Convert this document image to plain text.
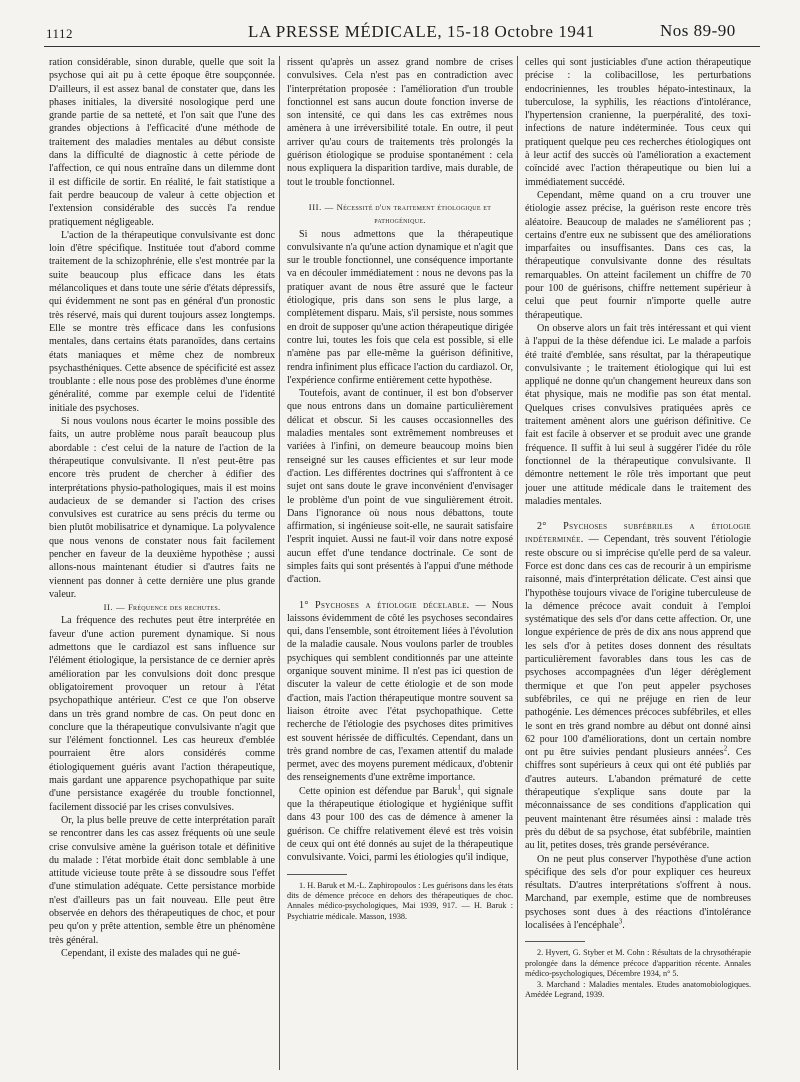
1112	LA PRESSE MÉDICALE, 15-18 Octobre 1941	Nos 89-90

ration considérable, sinon durable, quelle que soit la psychose qui ait pu à cette époque être soupçonnée. D'ailleurs, il est assez banal de constater que, dans les phases initiales, la diversité nosologique perd une grande partie de sa netteté, et l'on sait que l'une des grandes objections à l'efficacité d'une méthode de traitement des maladies mentales au début consiste dans la difficulté de diagnostic à cette période de l'affection, ce qui nous entraîne dans un dilemme dont il est difficile de sortir. En réalité, le fait statistique a fait perdre beaucoup de valeur à cette objection et l'extension considérable des succès l'a rendue pratiquement négligeable.

L'action de la thérapeutique convulsivante est donc loin d'être spécifique. Instituée tout d'abord comme traitement de la schizophrénie, elle s'est montrée par la suite beaucoup plus efficace dans les états mélancoliques et dans toute une série d'états dépressifs, qui évidemment ne sont pas en général d'un pronostic très réservé, mais qui durent toujours assez longtemps. Elle se montre très efficace dans les confusions mentales, dans certains états paranoïdes, dans certains états maniaques et même chez de nombreux psychasthéniques. Cette absence de spécificité est assez troublante : elle nous pose des problèmes d'une énorme généralité, comme par exemple celui de l'identité initiale des psychoses.

Si nous voulons nous écarter le moins possible des faits, un autre problème nous paraît beaucoup plus abordable : c'est celui de la nature de l'action de la thérapeutique convulsivante. Il n'est peut-être pas encore très prudent de chercher à édifier des interprétations physio-pathologiques, mais il est moins audacieux de se demander si l'action des crises convulsives est curatrice au sens précis du terme ou bien plutôt mobilisatrice et dynamique. La polyvalence que nous venons de constater nous fait facilement pencher en faveur de la deuxième hypothèse ; aussi allons-nous maintenant étudier si d'autres faits ne viennent pas donner à cette dernière une plus grande valeur.

II. — Fréquence des rechutes.

La fréquence des rechutes peut être interprétée en faveur d'une action purement dynamique. Si nous admettons que le cardiazol est sans influence sur l'élément étiologique, la persistance de ce dernier après amélioration par les convulsions doit donc presque obligatoirement provoquer un retour à l'état psychopathique antérieur. C'est ce que l'on observe dans un très grand nombre de cas. On peut donc en conclure que la thérapeutique convulsivante n'agit que sur l'élément fonctionnel. Les cas heureux d'emblée pourraient être alors considérés comme étiologiquement guéris avant l'action thérapeutique, mais gardant une apparence psychopathique par suite d'une persistance exagérée du trouble fonctionnel, facilement dissocié par les crises convulsives.

Or, la plus belle preuve de cette interprétation paraît se rencontrer dans les cas assez fréquents où une seule crise convulsive amène la guérison totale et définitive du malade : l'état morbide était donc semblable à une attitude vicieuse toute prête à se dissoudre sous l'effet d'une stimulation adéquate. Cette persistance morbide n'est d'ailleurs pas un fait nouveau. Elle peut être observée en dehors des thérapeutiques de choc, et pour peu qu'on y prête attention, semble être un phénomène très général.

Cependant, il existe des malades qui ne gué-

rissent qu'après un assez grand nombre de crises convulsives. Cela n'est pas en contradiction avec l'interprétation proposée : l'amélioration d'un trouble fonctionnel est sans aucun doute fonction inverse de son intensité, ce qui dans les cas extrêmes nous amènera à une irréversibilité totale. En outre, il peut arriver qu'au cours de traitements très prolongés la guérison étiologique se produise spontanément : cela nous expliquera la disparition tardive, mais durable, de tout le trouble fonctionnel.

III. — Nécessité d'un traitement étiologique et pathogénique.

Si nous admettons que la thérapeutique convulsivante n'a qu'une action dynamique et n'agit que sur le trouble fonctionnel, une conséquence importante va en découler immédiatement : nous ne devons pas la pratiquer avant de nous être assuré que le facteur étiologique, pris dans son sens le plus large, a complètement disparu. Mais, s'il persiste, nous sommes en droit de supposer qu'une action thérapeutique dirigée contre lui, toutes les fois que cela est possible, si elle n'amène pas par elle-même la guérison définitive, rendra infiniment plus efficace l'action du cardiazol. Or, l'expérience confirme entièrement cette hypothèse.

Toutefois, avant de continuer, il est bon d'observer que nous entrons dans un domaine particulièrement délicat et obscur. Si les causes occasionnelles des maladies mentales sont extrêmement nombreuses et variées à l'infini, on demeure beaucoup moins bien renseigné sur les causes efficientes et sur leur mode d'action. Les différentes doctrines qui s'affrontent à ce sujet ont sans doute le grave inconvénient d'envisager le problème d'un point de vue singulièrement étroit. Dans l'ignorance où nous nous débattons, toute affirmation, si ingénieuse soit-elle, ne saurait satisfaire l'esprit inquiet. Aussi ne faut-il voir dans notre exposé aucun effet d'une tendance doctrinale. Ce sont de simples faits qui sont présentés à l'appui d'une méthode d'action.

1° Psychoses a étiologie décelable. — Nous laissons évidemment de côté les psychoses secondaires qui, dans l'ensemble, sont étroitement liées à l'évolution de la maladie causale. Nous voulons parler de troubles psychiques qui semblent conditionnés par une atteinte organique souvent minime. Il n'est pas ici question de discuter la valeur de cette étiologie et de son mode d'action, mais l'action thérapeutique montre souvent sa liaison étroite avec l'état psychopathique. Cette recherche de l'étiologie des psychoses dites primitives est souvent hérissée de difficultés. Cependant, dans un très grand nombre de cas, l'examen attentif du malade permet, avec des moyens purement médicaux, d'obtenir des renseignements d'une extrême importance.

Cette opinion est défendue par Baruk$^1$, qui signale que la thérapeutique étiologique et hygiénique suffit dans 43 pour 100 des cas de démence à amener la guérison. Ce chiffre relativement élevé est très voisin de ceux qui ont été donnés au sujet de la thérapeutique convulsivante. Voici, parmi les étiologies qu'il indique,

1. H. Baruk et M.-L. Zaphiropoulos : Les guérisons dans les états dits de démence précoce en dehors des thérapeutiques de choc. Annales médico-psychologiques, Mai 1939, 917. — H. Baruk : Psychiatrie médicale. Masson, 1938.

celles qui sont justiciables d'une action thérapeutique précise : la colibacillose, les perturbations endocriniennes, les troubles hépato-intestinaux, la tuberculose, la syphilis, les réactions d'intolérance, l'hypertension cranienne, la puerpéralité, des toxi-infections de nature indéterminée. Tous ceux qui pratiquent quelque peu ces recherches étiologiques ont à leur actif des succès où l'amélioration a exactement coïncidé avec l'action thérapeutique ou bien lui a immédiatement succédé.

Cependant, même quand on a cru trouver une étiologie assez précise, la guérison reste encore très aléatoire. Beaucoup de malades ne s'améliorent pas ; certains d'entre eux ne subissent que des améliorations imparfaites ou insuffisantes. Dans ces cas, la thérapeutique convulsivante donne des résultats remarquables. On atteint facilement un chiffre de 70 pour 100 de guérisons, chiffre nettement supérieur à celui que peut fournir n'importe quelle autre thérapeutique.

On observe alors un fait très intéressant et qui vient à l'appui de la thèse défendue ici. Le malade a parfois été traité d'emblée, sans résultat, par la thérapeutique convulsivante ; le traitement étiologique qui lui est appliqué ne donne qu'un changement heureux dans son état physique, mais ne modifie pas son état mental. Quelques crises convulsives pratiquées après ce traitement amènent alors une guérison définitive. Ce fait est facile à observer et se produit avec une grande fréquence. Il suffit à lui seul à suggérer l'idée du rôle fonctionnel de la thérapeutique convulsivante. Il démontre nettement le rôle très important que peut jouer une attitude médicale dans le traitement des maladies mentales.

2° Psychoses subfébriles a étiologie indéterminée. — Cependant, très souvent l'étiologie reste obscure ou si imprécise qu'elle perd de sa valeur. Force est donc dans ces cas de recourir à un empirisme raisonné, mais d'interprétation délicate. C'est ainsi que l'hypothèse toujours vivace de l'origine tuberculeuse de la démence précoce avait conduit à l'emploi systématique des sels d'or dans cette affection. Or, une longue expérience de près de dix ans nous apprend que les sels d'or à petites doses donnent des résultats particulièrement favorables dans tous les cas de psychoses accompagnées d'un léger dérèglement thermique et que l'on peut appeler psychoses subfébriles, ce qui ne préjuge en rien de leur pathogénie. Les démences précoces subfébriles, et elles le sont en très grand nombre au début ont donné ainsi 62 pour 100 d'améliorations, dont un certain nombre ont pu être suivies pendant plusieurs années$^2$. Ces chiffres sont supérieurs à ceux qui ont été publiés par d'autres auteurs. L'abandon prématuré de cette thérapeutique s'explique sans doute par la méconnaissance de ses conditions d'application qui peuvent maintenant être résumées ainsi : malade très près du début de sa psychose, état subfébrile, maintien au lit, petites doses, très grande persévérance.

On ne peut plus conserver l'hypothèse d'une action spécifique des sels d'or pour expliquer ces heureux résultats. D'autres interprétations s'offrent à nous. Marchand, par exemple, estime que de nombreuses psychoses sont dues à des réactions d'intolérance localisées à l'encéphale$^3$.

2. Hyvert, G. Styber et M. Cohn : Résultats de la chrysothérapie prolongée dans la démence précoce d'apparition récente. Annales médico-psychologiques, Décembre 1934, n° 5.

3. Marchand : Maladies mentales. Etudes anatomobiologiques. Amédée Legrand, 1939.
